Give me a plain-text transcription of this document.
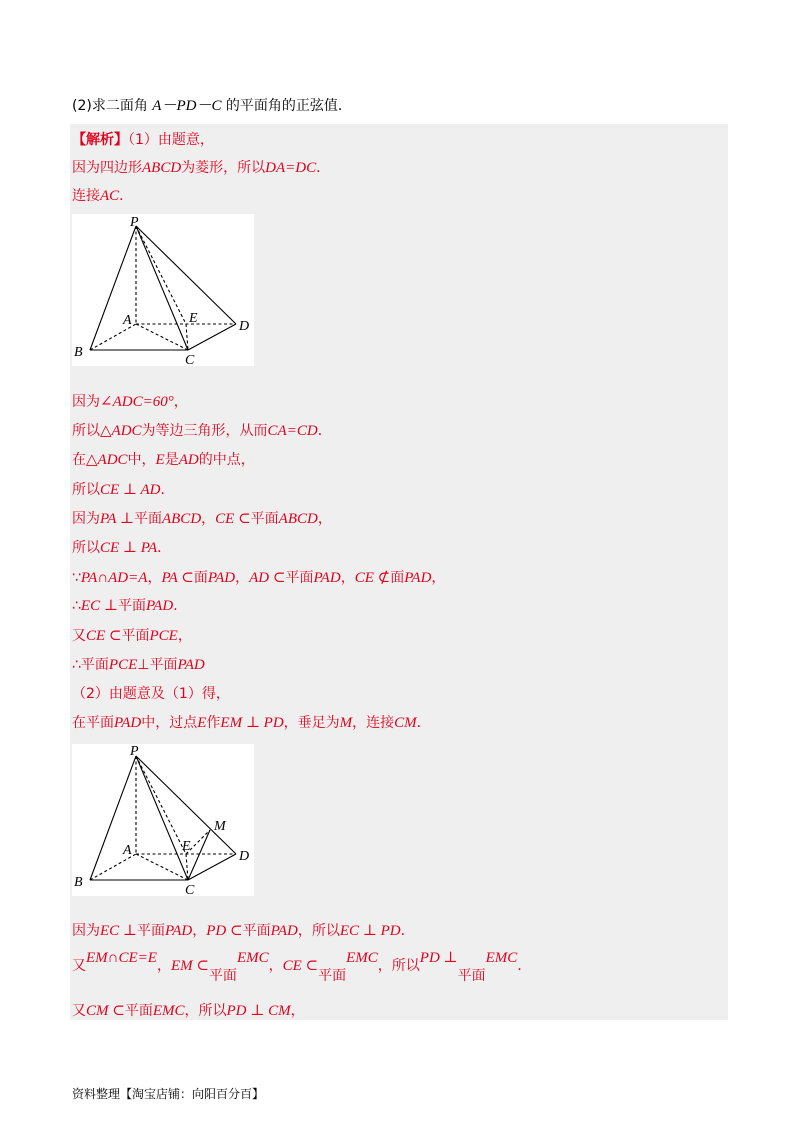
(2)求二面角 A－PD－C 的平面角的正弦值．
【解析】（1）由题意，
因为四边形ABCD为菱形，所以DA=DC．
连接AC．
P
A
B
C
D
E
因为∠ADC=60°，
所以△ADC为等边三角形，从而CA=CD．
在△ADC中，E是AD的中点，
所以CE ⊥ AD．
因为PA ⊥平面ABCD，CE ⊂平面ABCD，
所以CE ⊥ PA．
∵PA∩AD=A，PA ⊂面PAD，AD ⊂平面PAD，CE ⊄面PAD，
∴EC ⊥平面PAD．
又CE ⊂平面PCE，
∴平面PCE⊥平面PAD
（2）由题意及（1）得，
在平面PAD中，过点E作EM ⊥ PD，垂足为M，连接CM．
P
A
B
C
D
E
M
因为EC ⊥平面PAD，PD ⊂平面PAD，所以EC ⊥ PD．
又EM∩CE=E，EM ⊂平面EMC，CE ⊂平面EMC，所以PD ⊥平面EMC．
又CM ⊂平面EMC，所以PD ⊥ CM，
资料整理【淘宝店铺：向阳百分百】
